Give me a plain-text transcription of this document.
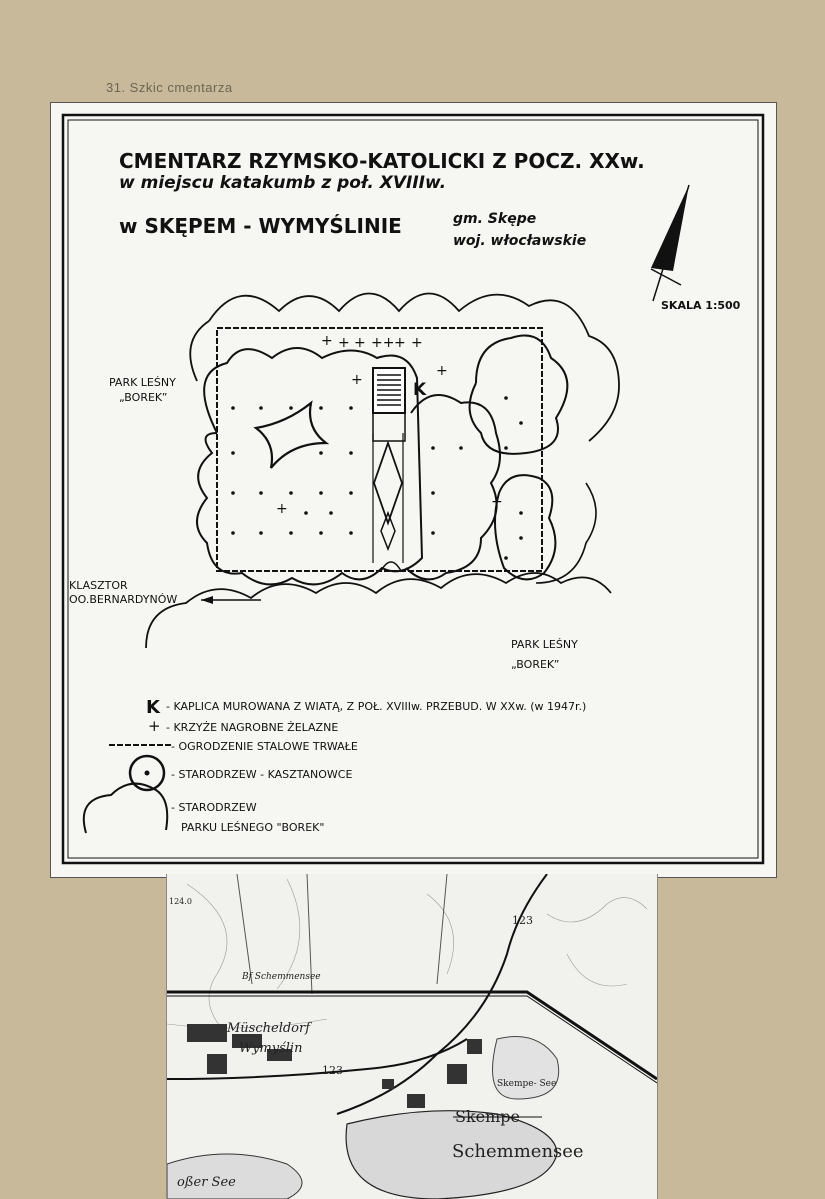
31. Szkic cmentarza
CMENTARZ RZYMSKO-KATOLICKI Z POCZ. XXw.
w miejscu katakumb z poł. XVIIIw.
w SKĘPEM - WYMYŚLINIE	gm. Skępe
woj. włocławskie
SKALA 1:500
PARK LEŚNY
„BOREK”	K
+ + + ++ + +
+
+
+	+
KLASZTOR
OO.BERNARDYNÓW
PARK LEŚNY
„BOREK”
K - KAPLICA MUROWANA Z WIATĄ, Z POŁ. XVIIIw. PRZEBUD. W XXw. (w 1947r.)
+ - KRZYŻE NAGROBNE ŻELAZNE
- OGRODZENIE STALOWE TRWAŁE
- STARODRZEW - KASZTANOWCE
- STARODRZEW
PARKU LEŚNEGO "BOREK"
124.0
Bf Schemmensee
Müscheldorf
Wymyślin
123
123
Skempe- See
Skempe
Schemmensee
oßer See
